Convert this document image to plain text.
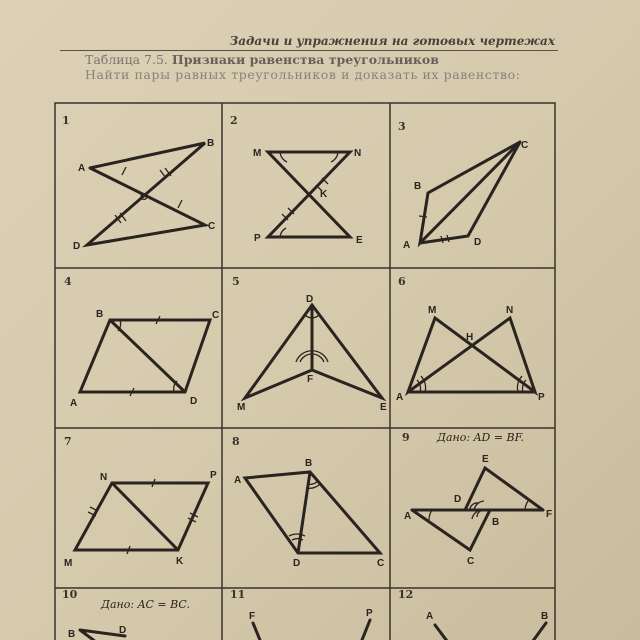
Задачи и упражнения на готовых чертежах
Таблица 7.5. Признаки равенства треугольников
Найти пары равных треугольников и доказать их равенство:
1
A
B
O
C
D
2
M	N
K
P	E
3
C
B
A	D
4
B	C
A	D
5
D
F
M	E
6
M	N
H
A	P
7
N	P
M	K
8
A
B
D	C
9 Дано: AD = BF.
E
D
A	F
B
C
10
Дано: AC = BC.
B	D
11
F	P
12
A	B
